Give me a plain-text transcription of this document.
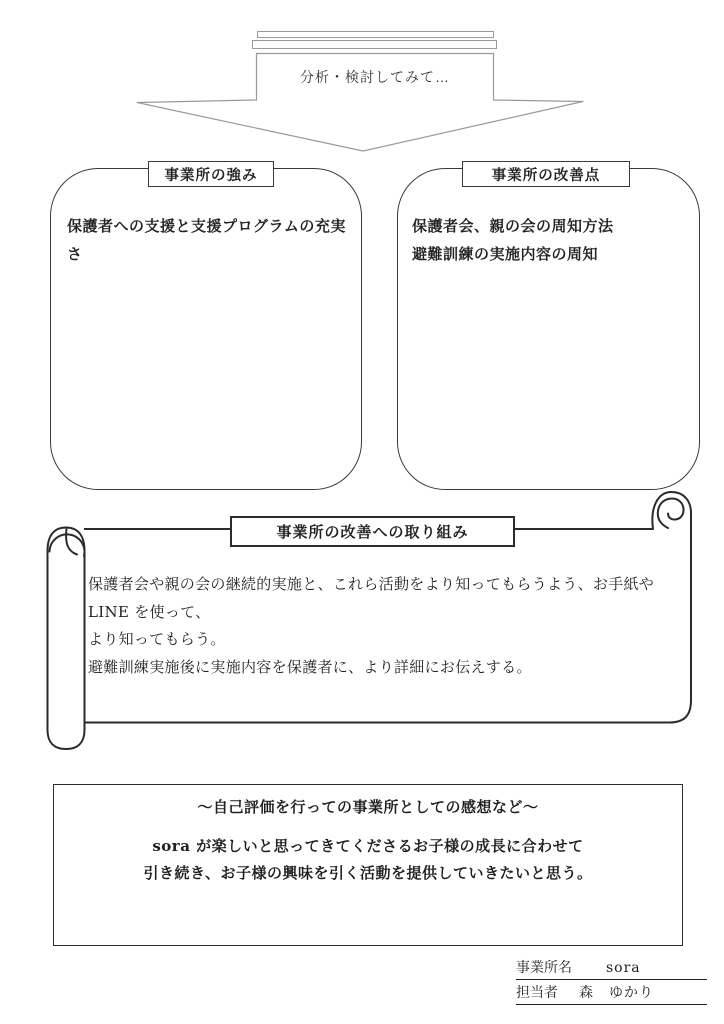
分析・検討してみて…
事業所の強み
保護者への支援と支援プログラムの充実さ
事業所の改善点
保護者会、親の会の周知方法
避難訓練の実施内容の周知
事業所の改善への取り組み
保護者会や親の会の継続的実施と、これら活動をより知ってもらうよう、お手紙や LINE を使って、
より知ってもらう。
避難訓練実施後に実施内容を保護者に、より詳細にお伝えする。
〜自己評価を行っての事業所としての感想など〜
sora が楽しいと思ってきてくださるお子様の成長に合わせて
引き続き、お子様の興味を引く活動を提供していきたいと思う。
事業所名 sora
担当者 森　ゆかり
